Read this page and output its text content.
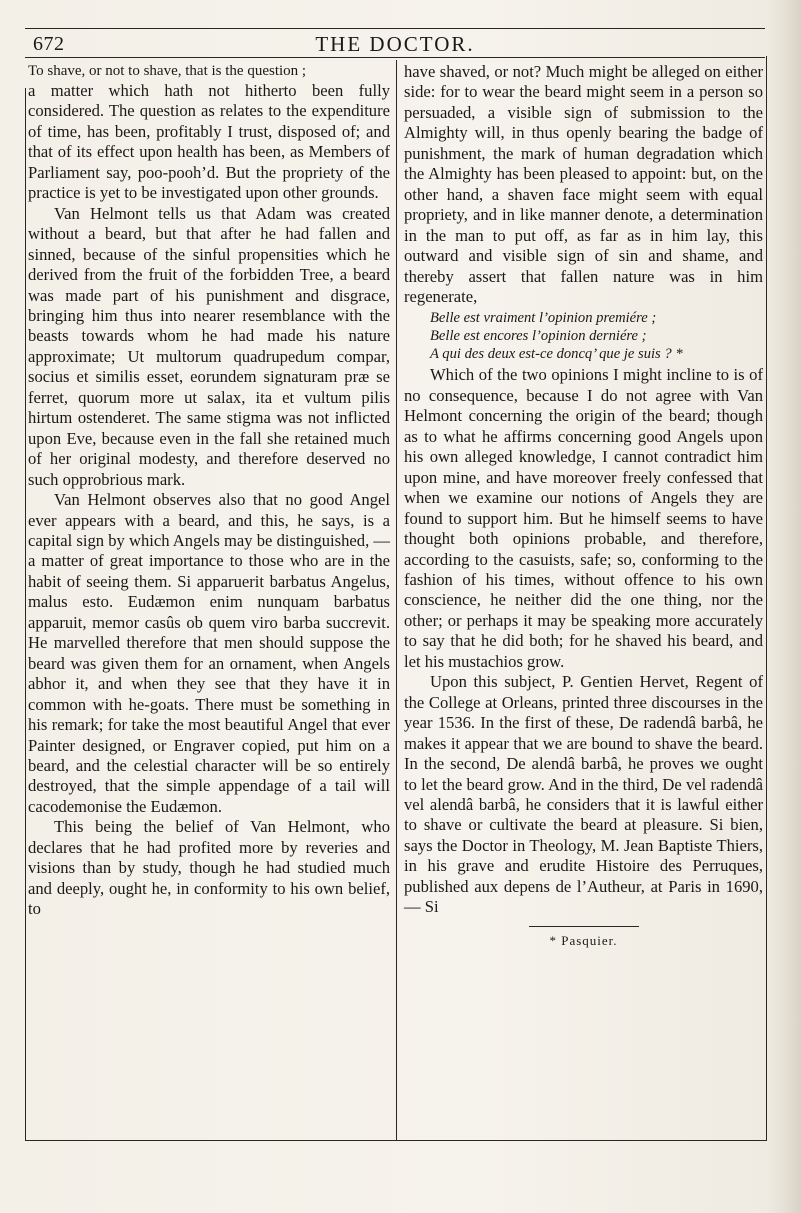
672	THE DOCTOR.

To shave, or not to shave, that is the question ;

a matter which hath not hitherto been fully considered. The question as relates to the expenditure of time, has been, profitably I trust, disposed of; and that of its effect upon health has been, as Members of Parliament say, poo-pooh’d. But the propriety of the practice is yet to be investigated upon other grounds.

Van Helmont tells us that Adam was created without a beard, but that after he had fallen and sinned, because of the sinful propensities which he derived from the fruit of the forbidden Tree, a beard was made part of his punishment and disgrace, bringing him thus into nearer resemblance with the beasts towards whom he had made his nature approximate; Ut multorum quadrupedum compar, socius et similis esset, eorundem signaturam præ se ferret, quorum more ut salax, ita et vultum pilis hirtum ostenderet. The same stigma was not inflicted upon Eve, because even in the fall she retained much of her original modesty, and therefore deserved no such opprobrious mark.

Van Helmont observes also that no good Angel ever appears with a beard, and this, he says, is a capital sign by which Angels may be distinguished, — a matter of great importance to those who are in the habit of seeing them. Si apparuerit barbatus Angelus, malus esto. Eudæmon enim nunquam barbatus apparuit, memor casûs ob quem viro barba succrevit. He marvelled therefore that men should suppose the beard was given them for an ornament, when Angels abhor it, and when they see that they have it in common with he-goats. There must be something in his remark; for take the most beautiful Angel that ever Painter designed, or Engraver copied, put him on a beard, and the celestial character will be so entirely destroyed, that the simple appendage of a tail will cacodemonise the Eudæmon.

This being the belief of Van Helmont, who declares that he had profited more by reveries and visions than by study, though he had studied much and deeply, ought he, in conformity to his own belief, to

have shaved, or not? Much might be alleged on either side: for to wear the beard might seem in a person so persuaded, a visible sign of submission to the Almighty will, in thus openly bearing the badge of punishment, the mark of human degradation which the Almighty has been pleased to appoint: but, on the other hand, a shaven face might seem with equal propriety, and in like manner denote, a determination in the man to put off, as far as in him lay, this outward and visible sign of sin and shame, and thereby assert that fallen nature was in him regenerate,

Belle est vraiment l’opinion premiére ;
Belle est encores l’opinion derniére ;
A qui des deux est-ce doncq’ que je suis ? *

Which of the two opinions I might incline to is of no consequence, because I do not agree with Van Helmont concerning the origin of the beard; though as to what he affirms concerning good Angels upon his own alleged knowledge, I cannot contradict him upon mine, and have moreover freely confessed that when we examine our notions of Angels they are found to support him. But he himself seems to have thought both opinions probable, and therefore, according to the casuists, safe; so, conforming to the fashion of his times, without offence to his own conscience, he neither did the one thing, nor the other; or perhaps it may be speaking more accurately to say that he did both; for he shaved his beard, and let his mustachios grow.

Upon this subject, P. Gentien Hervet, Regent of the College at Orleans, printed three discourses in the year 1536. In the first of these, De radendâ barbâ, he makes it appear that we are bound to shave the beard. In the second, De alendâ barbâ, he proves we ought to let the beard grow. And in the third, De vel radendâ vel alendâ barbâ, he considers that it is lawful either to shave or cultivate the beard at pleasure. Si bien, says the Doctor in Theology, M. Jean Baptiste Thiers, in his grave and erudite Histoire des Perruques, published aux depens de l’Autheur, at Paris in 1690, — Si

* Pasquier.
